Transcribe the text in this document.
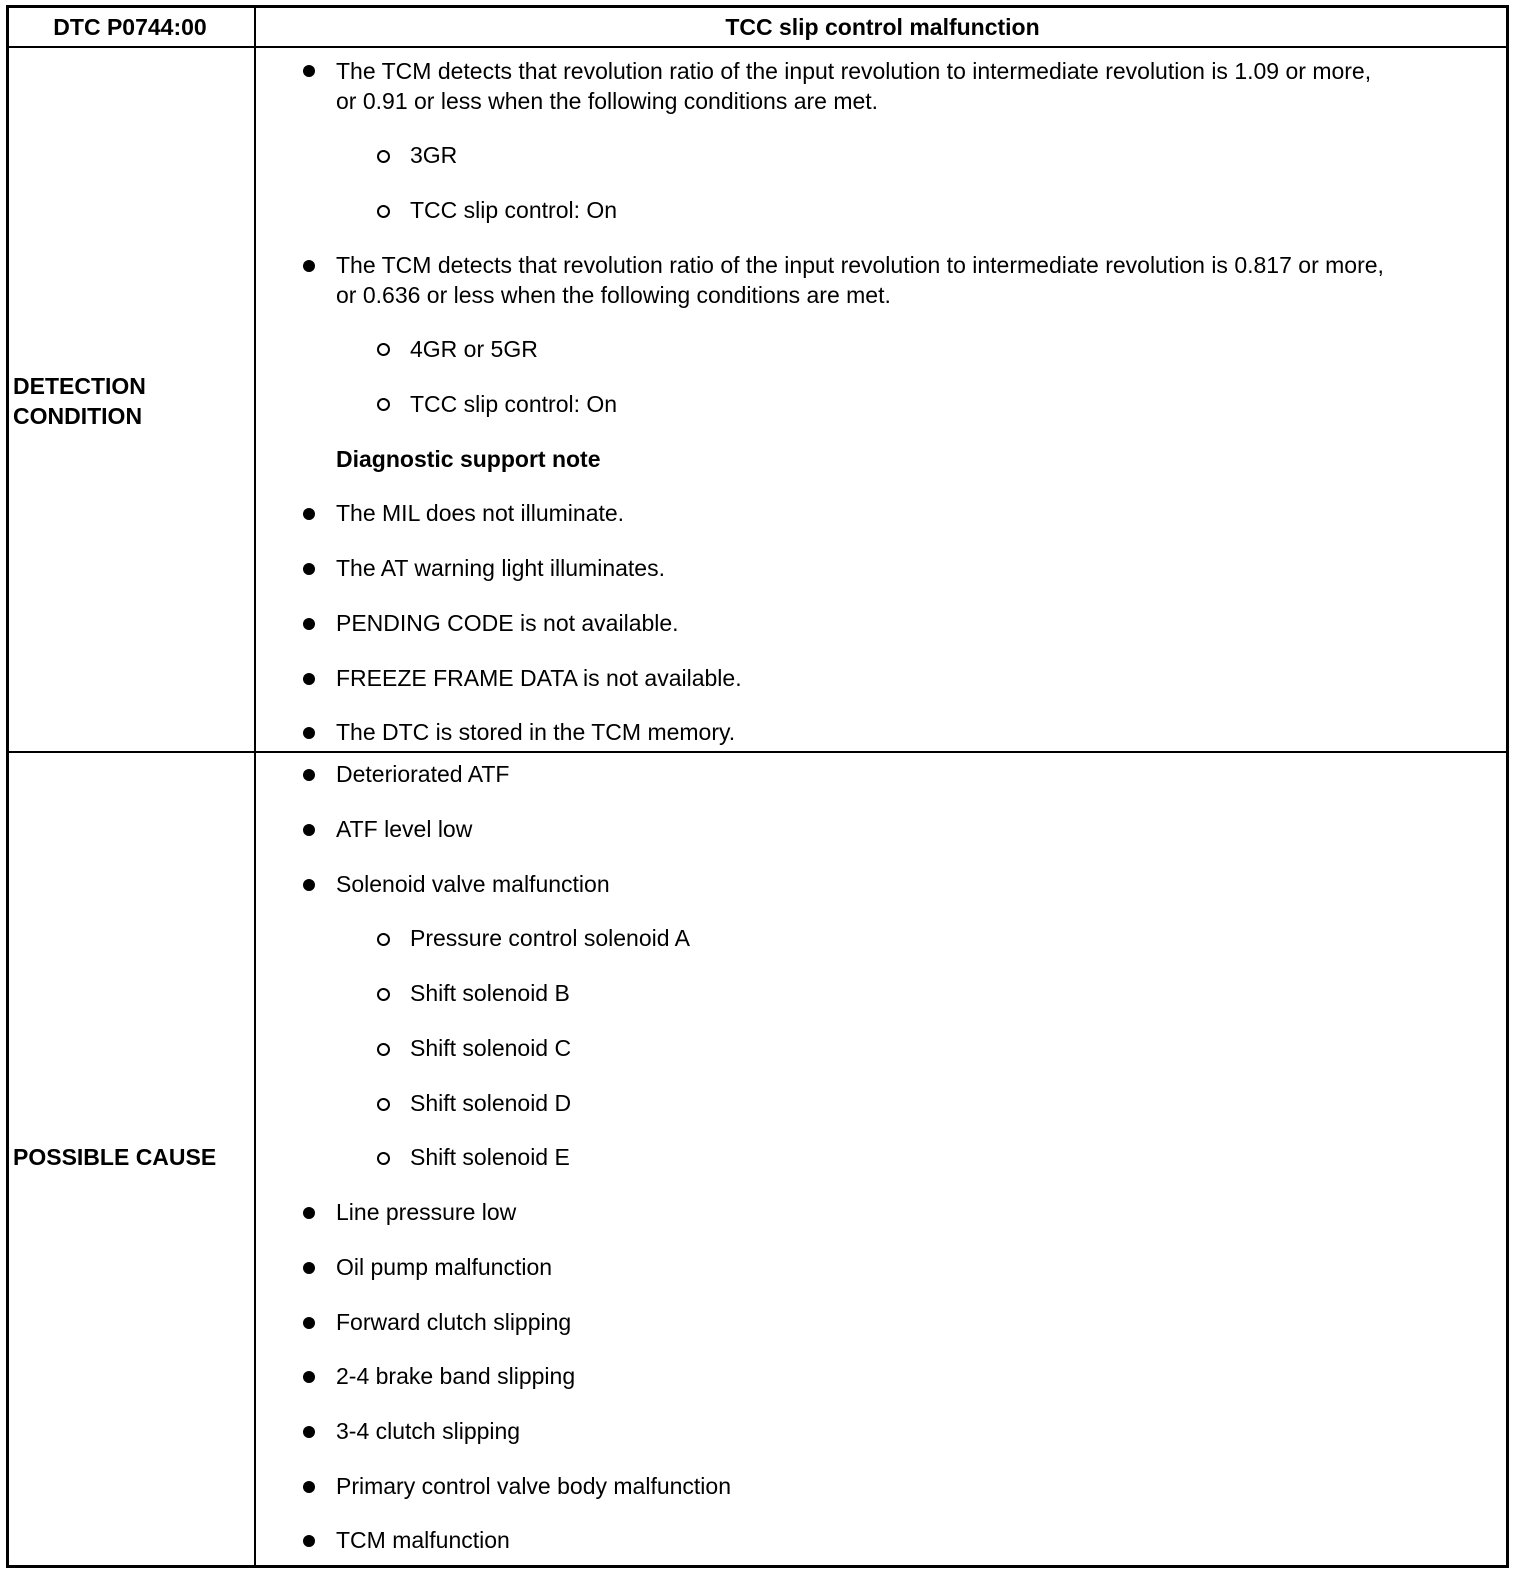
DTC P0744:00	TCC slip control malfunction
DETECTION
CONDITION
The TCM detects that revolution ratio of the input revolution to intermediate revolution is 1.09 or more,
or 0.91 or less when the following conditions are met.
3GR
TCC slip control: On
The TCM detects that revolution ratio of the input revolution to intermediate revolution is 0.817 or more,
or 0.636 or less when the following conditions are met.
4GR or 5GR
TCC slip control: On
Diagnostic support note
The MIL does not illuminate.
The AT warning light illuminates.
PENDING CODE is not available.
FREEZE FRAME DATA is not available.
The DTC is stored in the TCM memory.
POSSIBLE CAUSE
Deteriorated ATF
ATF level low
Solenoid valve malfunction
Pressure control solenoid A
Shift solenoid B
Shift solenoid C
Shift solenoid D
Shift solenoid E
Line pressure low
Oil pump malfunction
Forward clutch slipping
2-4 brake band slipping
3-4 clutch slipping
Primary control valve body malfunction
TCM malfunction
